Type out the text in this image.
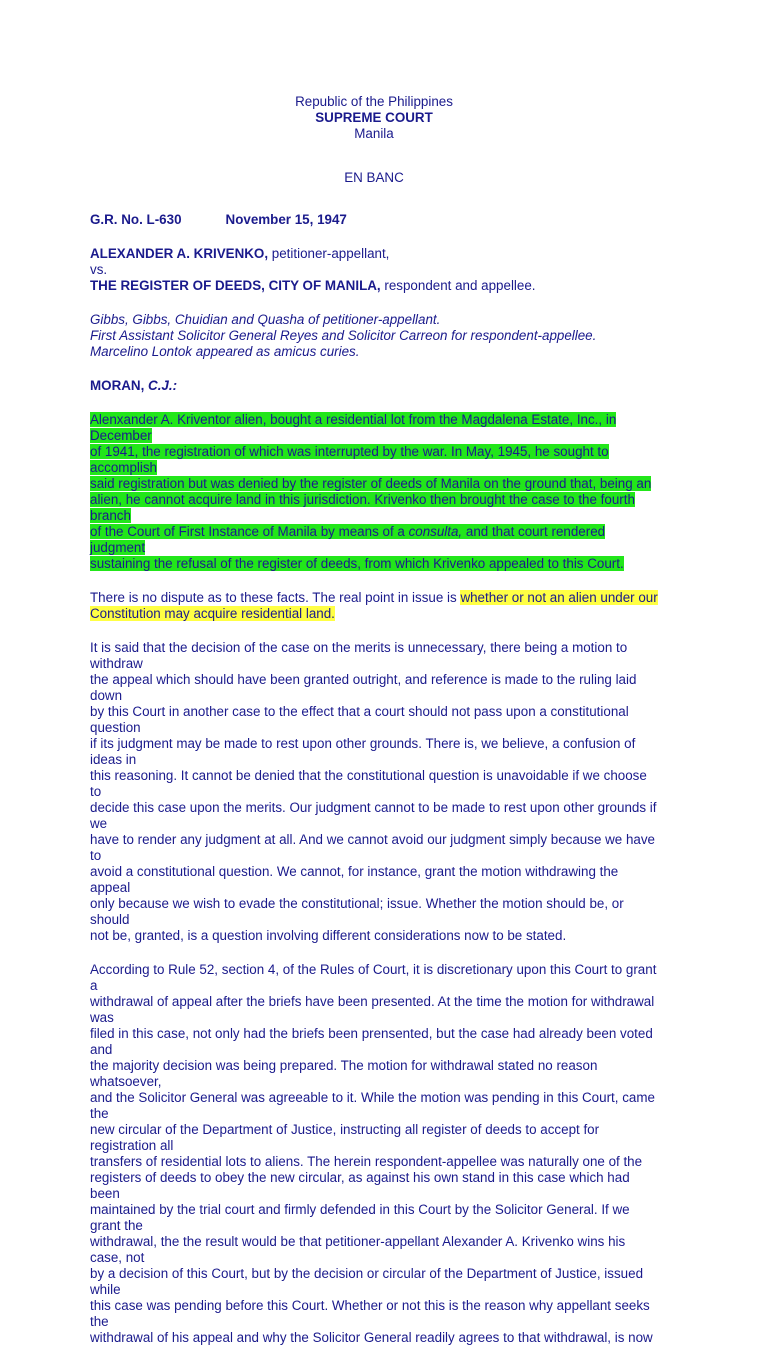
Republic of the Philippines
SUPREME COURT
Manila
EN BANC
G.R. No. L-630	November 15, 1947
ALEXANDER A. KRIVENKO, petitioner-appellant,
vs.
THE REGISTER OF DEEDS, CITY OF MANILA, respondent and appellee.
Gibbs, Gibbs, Chuidian and Quasha of petitioner-appellant.
First Assistant Solicitor General Reyes and Solicitor Carreon for respondent-appellee.
Marcelino Lontok appeared as amicus curies.
MORAN, C.J.:

Alenxander A. Kriventor alien, bought a residential lot from the Magdalena Estate, Inc., in December
of 1941, the registration of which was interrupted by the war. In May, 1945, he sought to accomplish
said registration but was denied by the register of deeds of Manila on the ground that, being an
alien, he cannot acquire land in this jurisdiction. Krivenko then brought the case to the fourth branch
of the Court of First Instance of Manila by means of a consulta, and that court rendered judgment
sustaining the refusal of the register of deeds, from which Krivenko appealed to this Court.

There is no dispute as to these facts. The real point in issue is whether or not an alien under our
Constitution may acquire residential land.

It is said that the decision of the case on the merits is unnecessary, there being a motion to withdraw
the appeal which should have been granted outright, and reference is made to the ruling laid down
by this Court in another case to the effect that a court should not pass upon a constitutional question
if its judgment may be made to rest upon other grounds. There is, we believe, a confusion of ideas in
this reasoning. It cannot be denied that the constitutional question is unavoidable if we choose to
decide this case upon the merits. Our judgment cannot to be made to rest upon other grounds if we
have to render any judgment at all. And we cannot avoid our judgment simply because we have to
avoid a constitutional question. We cannot, for instance, grant the motion withdrawing the appeal
only because we wish to evade the constitutional; issue. Whether the motion should be, or should
not be, granted, is a question involving different considerations now to be stated.

According to Rule 52, section 4, of the Rules of Court, it is discretionary upon this Court to grant a
withdrawal of appeal after the briefs have been presented. At the time the motion for withdrawal was
filed in this case, not only had the briefs been prensented, but the case had already been voted and
the majority decision was being prepared. The motion for withdrawal stated no reason whatsoever,
and the Solicitor General was agreeable to it. While the motion was pending in this Court, came the
new circular of the Department of Justice, instructing all register of deeds to accept for registration all
transfers of residential lots to aliens. The herein respondent-appellee was naturally one of the
registers of deeds to obey the new circular, as against his own stand in this case which had been
maintained by the trial court and firmly defended in this Court by the Solicitor General. If we grant the
withdrawal, the the result would be that petitioner-appellant Alexander A. Krivenko wins his case, not
by a decision of this Court, but by the decision or circular of the Department of Justice, issued while
this case was pending before this Court. Whether or not this is the reason why appellant seeks the
withdrawal of his appeal and why the Solicitor General readily agrees to that withdrawal, is now
